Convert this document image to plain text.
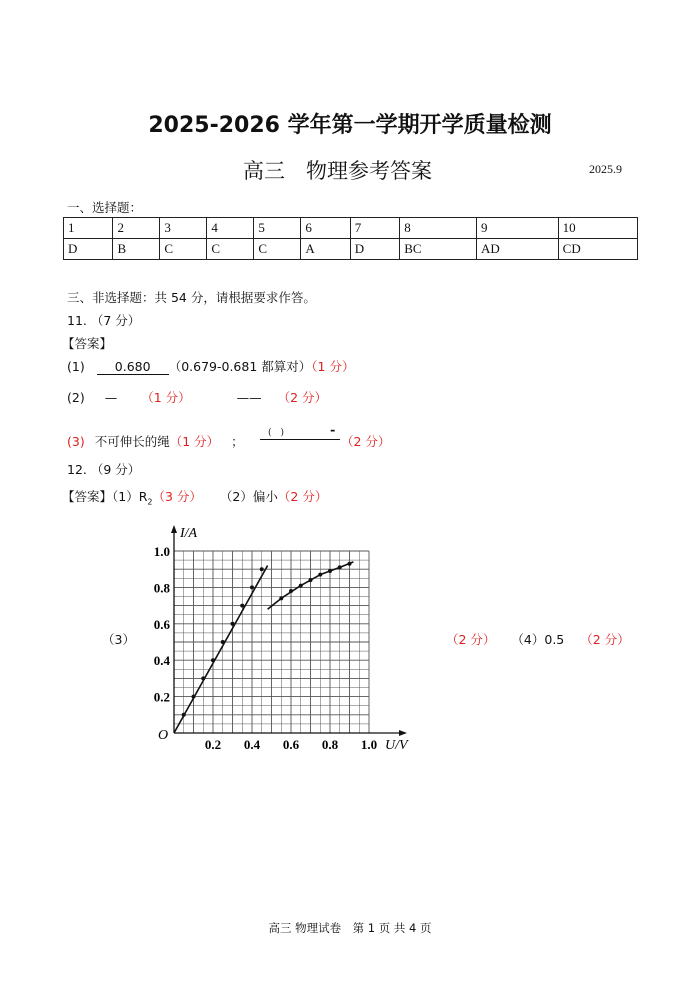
2025-2026 学年第一学期开学质量检测
高三　物理参考答案	2025.9
一、选择题：
1	2	3	4	5	6	7	8	9	10
D	B	C	C	C	A	D	BC	AD	CD
三、非选择题：共 54 分，请根据要求作答。
11. （7 分）
【答案】
(1) 0.680 （0.679-0.681 都算对）（1 分）
(2) — （1 分）	—— （2 分）
(3) 不可伸长的绳（1 分） ；
(　)	-
（2 分）
12. （9 分）
【答案】$(1)R_2(3$ 分） （2）偏小（2 分）
（3）	（2 分） （4）0.5 （2 分）
0.2 0.4 0.6 0.8 1.0
0.2
0.4
0.6
0.8
1.0
I/A
U/V
O
高三 物理试卷　第 1 页 共 4 页
